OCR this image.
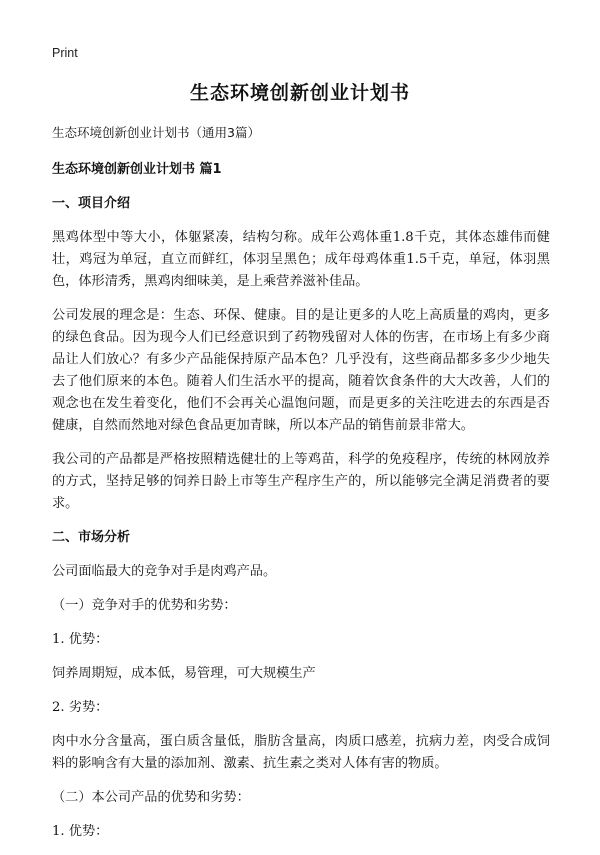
Print
生态环境创新创业计划书

生态环境创新创业计划书（通用3篇）

生态环境创新创业计划书 篇1

一、项目介绍

黑鸡体型中等大小，体躯紧凑，结构匀称。成年公鸡体重1.8千克，其体态雄伟而健壮，鸡冠为单冠，直立而鲜红，体羽呈黑色；成年母鸡体重1.5千克，单冠，体羽黑色，体形清秀，黑鸡肉细味美，是上乘营养滋补佳品。

公司发展的理念是：生态、环保、健康。目的是让更多的人吃上高质量的鸡肉，更多的绿色食品。因为现今人们已经意识到了药物残留对人体的伤害，在市场上有多少商品让人们放心？有多少产品能保持原产品本色？几乎没有，这些商品都多多少少地失去了他们原来的本色。随着人们生活水平的提高，随着饮食条件的大大改善，人们的观念也在发生着变化，他们不会再关心温饱问题，而是更多的关注吃进去的东西是否健康，自然而然地对绿色食品更加青睐，所以本产品的销售前景非常大。

我公司的产品都是严格按照精选健壮的上等鸡苗，科学的免疫程序，传统的林网放养的方式，坚持足够的饲养日龄上市等生产程序生产的，所以能够完全满足消费者的要求。

二、市场分析

公司面临最大的竞争对手是肉鸡产品。

（一）竞争对手的优势和劣势：

1. 优势：

饲养周期短，成本低，易管理，可大规模生产

2. 劣势：

肉中水分含量高，蛋白质含量低，脂肪含量高，肉质口感差，抗病力差，肉受合成饲料的影响含有大量的添加剂、激素、抗生素之类对人体有害的物质。

（二）本公司产品的优势和劣势：

1. 优势：
